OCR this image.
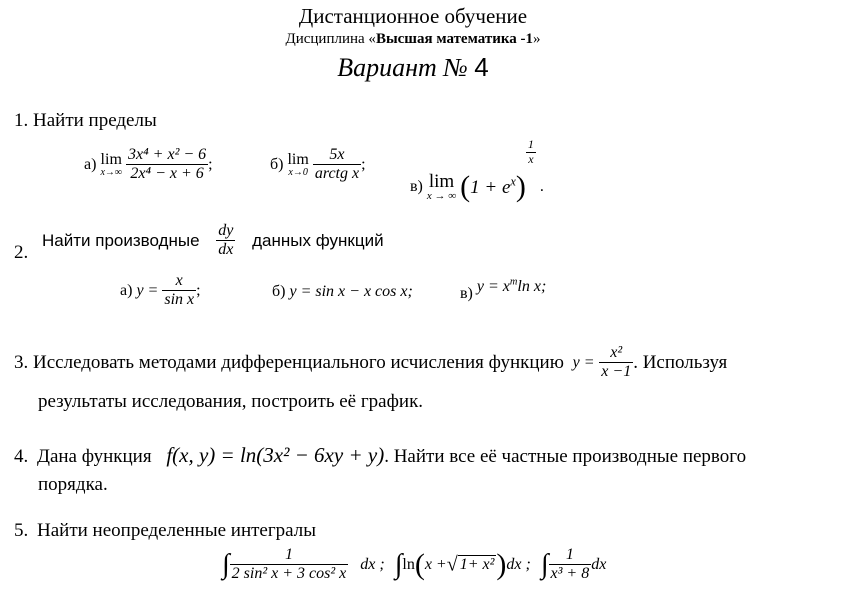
Дистанционное обучение
Дисциплина «Высшая математика -1»
Вариант № 4
1. Найти пределы
а) lim
x→∞
$\frac{\text{3x⁴ + x² − 6}}{\text{2x⁴ − x + 6}}$ ;	б) lim
x→0
$\frac{5x}{\text{arctg x}}$ ;
в) lim
x → ∞ $(1 + e^x)$
$\frac{1}{x}$
.
2.
Найти производные $\frac{dy}{dx}$ данных функций
а) $y = \frac{x}{\text{sin x}}$ ;	б) y = sin x − x cos x;	в) $y = x^m\ln$ x;
3. Исследовать методами дифференциального исчисления функцию $y = \frac{\text{x²}}{x -1}$ . Используя
результаты исследования, построить её график.
4. Дана функция f(x, y) = ln(3x² − 6xy + y). Найти все её частные производные первого
порядка.
5. Найти неопределенные интегралы
∫ $\frac{1}{\text{2 sin² x + 3 cos² x}}$ dx ; ∫ln(x +√ 1+ x²)dx ; ∫ $\frac{1}{\text{x³ + 8}}$ dx
